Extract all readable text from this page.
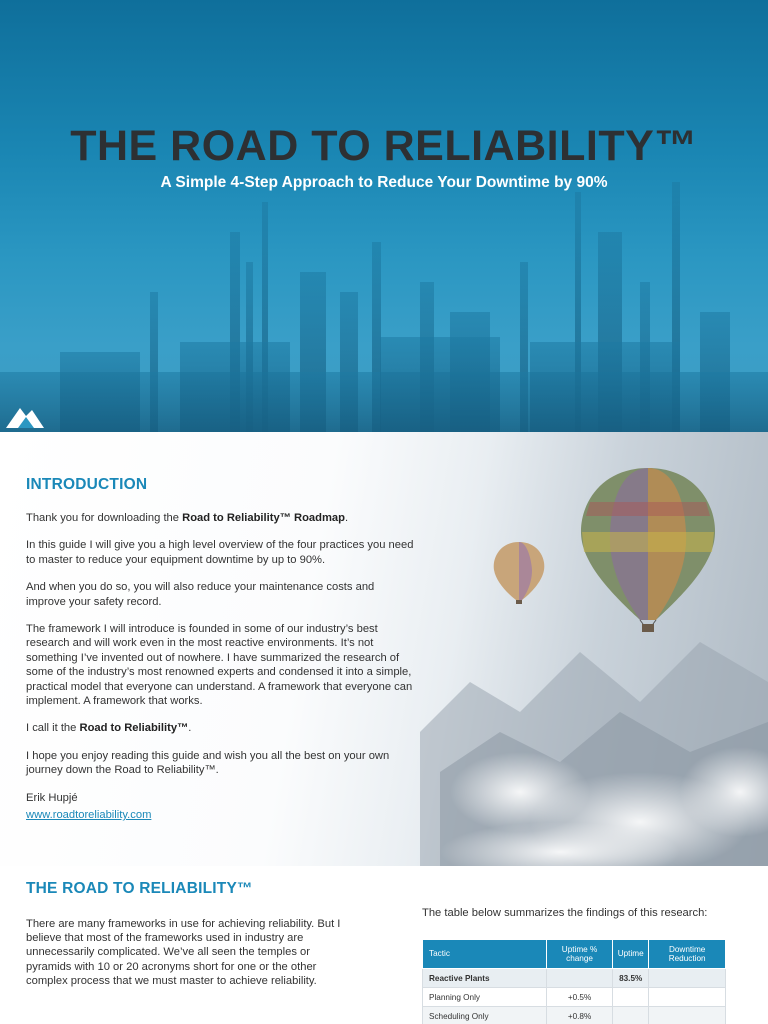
THE ROAD TO RELIABILITY™
A Simple 4-Step Approach to Reduce Your Downtime by 90%
INTRODUCTION

Thank you for downloading the Road to Reliability™ Roadmap.

In this guide I will give you a high level overview of the four practices you need to master to reduce your equipment downtime by up to 90%.

And when you do so, you will also reduce your maintenance costs and improve your safety record.

The framework I will introduce is founded in some of our industry’s best research and will work even in the most reactive environments. It’s not something I’ve invented out of nowhere. I have summarized the research of some of the industry’s most renowned experts and condensed it into a simple, practical model that everyone can understand. A framework that everyone can implement. A framework that works.

I call it the Road to Reliability™.

I hope you enjoy reading this guide and wish you all the best on your own journey down the Road to Reliability™.

Erik Hupjé

www.roadtoreliability.com
THE ROAD TO RELIABILITY™

There are many frameworks in use for achieving reliability. But I believe that most of the frameworks used in industry are unnecessarily complicated. We’ve all seen the temples or pyramids with 10 or 20 acronyms short for one or the other complex process that we must master to achieve reliability.

The table below summarizes the findings of this research:
Tactic	Uptime % change	Uptime	Downtime Reduction
Reactive Plants		83.5%	
Planning Only	+0.5%		
Scheduling Only	+0.8%		
